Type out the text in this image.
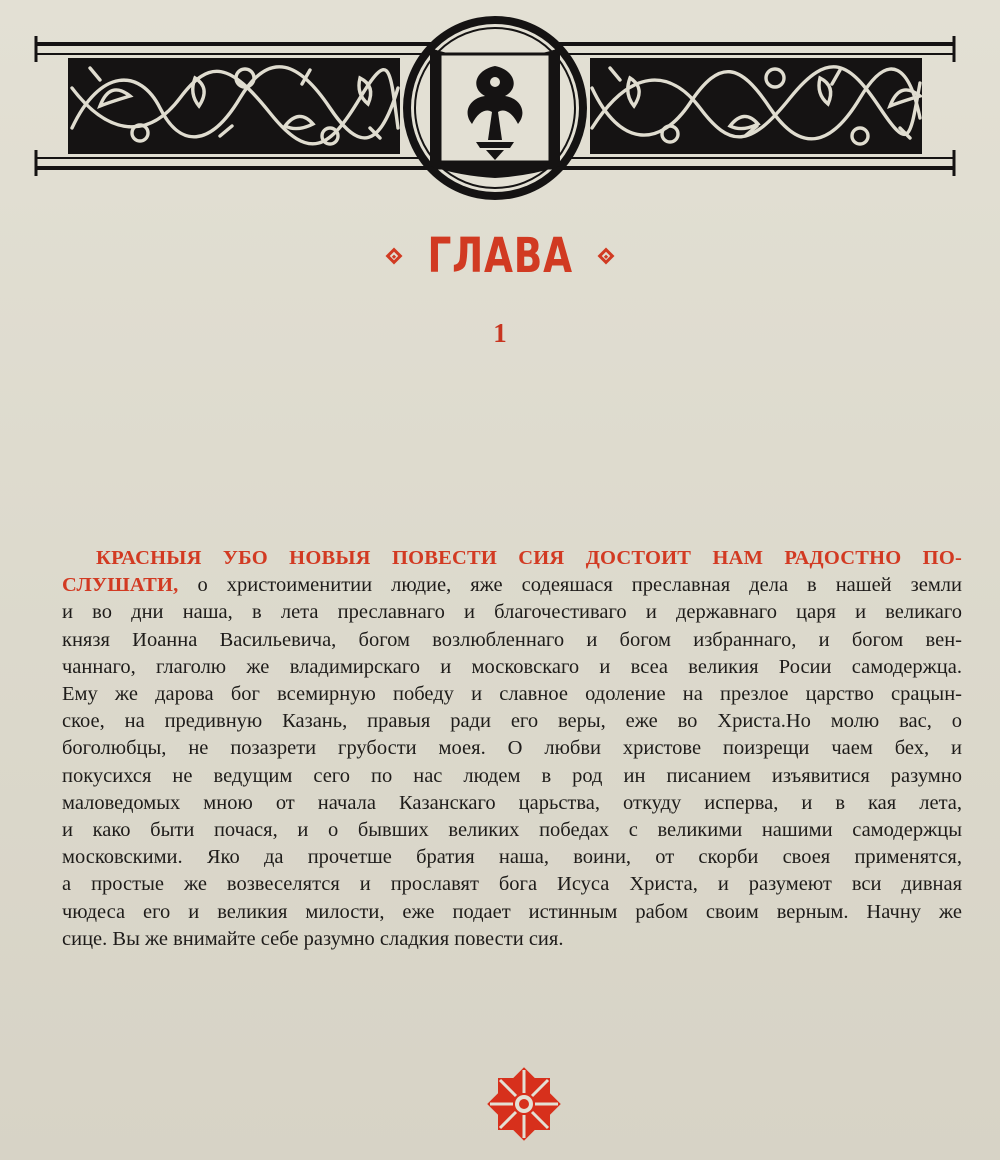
ГЛАВА
1
КРАСНЫЯ УБО НОВЫЯ ПОВЕСТИ СИЯ ДОСТОИТ НАМ РАДОСТНО ПО-
СЛУШАТИ, о христоименитии людие, яже содеяшася преславная дела в нашей земли
и во дни наша, в лета преславнаго и благочестиваго и державнаго царя и великаго
князя Иоанна Васильевича, богом возлюбленнаго и богом избраннаго, и богом вен-
чаннаго, глаголю же владимирскаго и московскаго и всеа великия Росии самодержца.
Ему же дарова бог всемирную победу и славное одоление на презлое царство срацын-
ское, на предивную Казань, правыя ради его веры, еже во Христа.Но молю вас, о
боголюбцы, не позазрети грубости моея. О любви христове поизрещи чаем бех, и
покусихся не ведущим сего по нас людем в род ин писанием изъявитися разумно
маловедомых мною от начала Казанскаго царьства, откуду исперва, и в кая лета,
и како быти почася, и о бывших великих победах с великими нашими самодержцы
московскими. Яко да прочетше братия наша, воини, от скорби своея применятся,
а простые же возвеселятся и прославят бога Исуса Христа, и разумеют вси дивная
чюдеса его и великия милости, еже подает истинным рабом своим верным. Начну же
сице. Вы же внимайте себе разумно сладкия повести сия.
